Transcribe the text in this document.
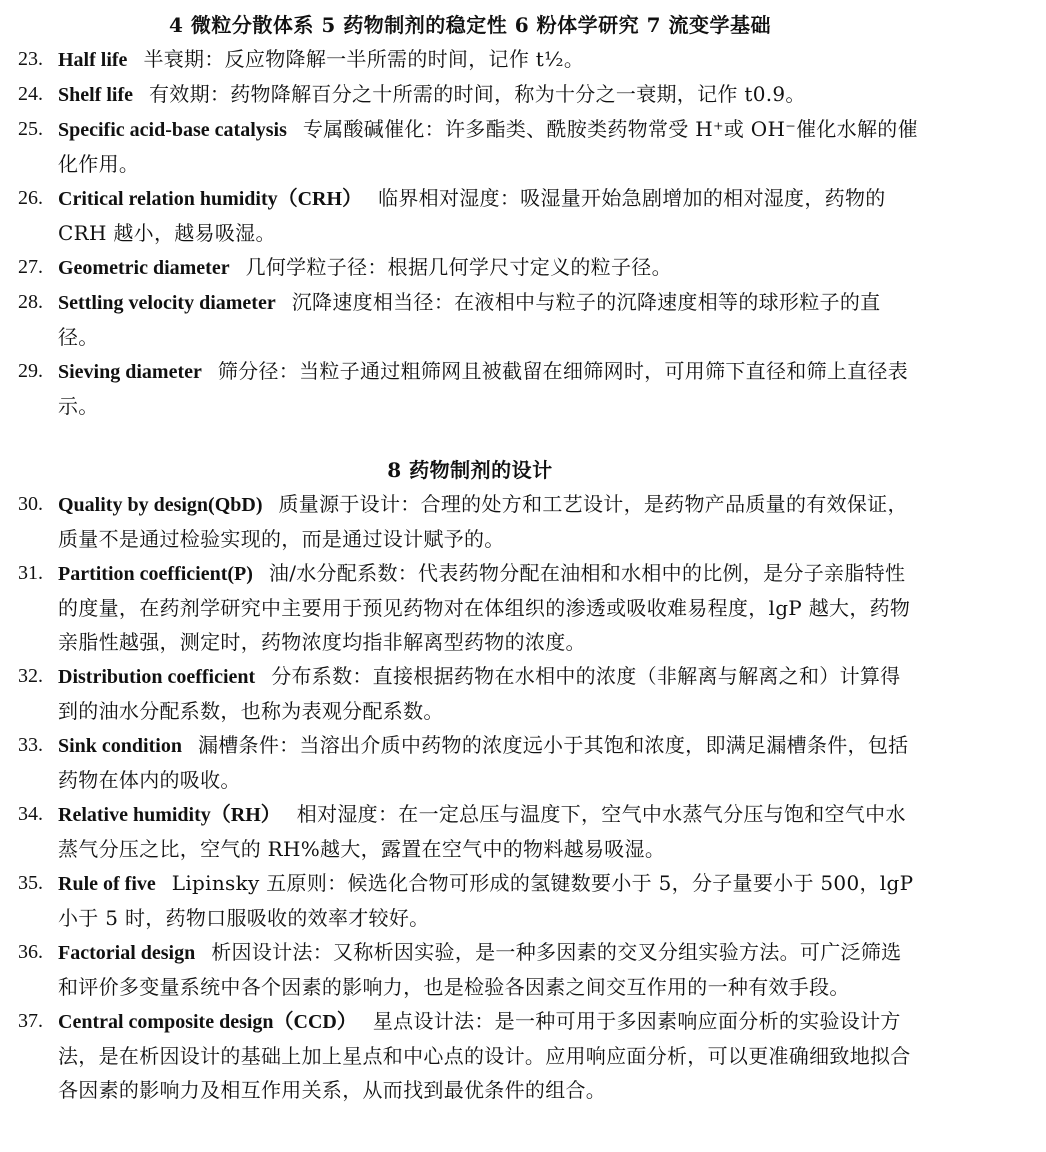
4 微粒分散体系 5 药物制剂的稳定性 6 粉体学研究 7 流变学基础
23. Half life 半衰期：反应物降解一半所需的时间，记作 t½。
24. Shelf life 有效期：药物降解百分之十所需的时间，称为十分之一衰期，记作 t0.9。
25. Specific acid-base catalysis 专属酸碱催化：许多酯类、酰胺类药物常受 H⁺或 OH⁻催化水解的催化作用。
26. Critical relation humidity（CRH） 临界相对湿度：吸湿量开始急剧增加的相对湿度，药物的 CRH 越小，越易吸湿。
27. Geometric diameter 几何学粒子径：根据几何学尺寸定义的粒子径。
28. Settling velocity diameter 沉降速度相当径：在液相中与粒子的沉降速度相等的球形粒子的直径。
29. Sieving diameter 筛分径：当粒子通过粗筛网且被截留在细筛网时，可用筛下直径和筛上直径表示。
8 药物制剂的设计
30. Quality by design(QbD) 质量源于设计：合理的处方和工艺设计，是药物产品质量的有效保证，质量不是通过检验实现的，而是通过设计赋予的。
31. Partition coefficient(P) 油/水分配系数：代表药物分配在油相和水相中的比例，是分子亲脂特性的度量，在药剂学研究中主要用于预见药物对在体组织的渗透或吸收难易程度，lgP 越大，药物亲脂性越强，测定时，药物浓度均指非解离型药物的浓度。
32. Distribution coefficient 分布系数：直接根据药物在水相中的浓度（非解离与解离之和）计算得到的油水分配系数，也称为表观分配系数。
33. Sink condition 漏槽条件：当溶出介质中药物的浓度远小于其饱和浓度，即满足漏槽条件，包括药物在体内的吸收。
34. Relative humidity（RH） 相对湿度：在一定总压与温度下，空气中水蒸气分压与饱和空气中水蒸气分压之比，空气的 RH%越大，露置在空气中的物料越易吸湿。
35. Rule of five Lipinsky 五原则：候选化合物可形成的氢键数要小于 5，分子量要小于 500，lgP 小于 5 时，药物口服吸收的效率才较好。
36. Factorial design 析因设计法：又称析因实验，是一种多因素的交叉分组实验方法。可广泛筛选和评价多变量系统中各个因素的影响力，也是检验各因素之间交互作用的一种有效手段。
37. Central composite design（CCD） 星点设计法：是一种可用于多因素响应面分析的实验设计方法，是在析因设计的基础上加上星点和中心点的设计。应用响应面分析，可以更准确细致地拟合各因素的影响力及相互作用关系，从而找到最优条件的组合。
